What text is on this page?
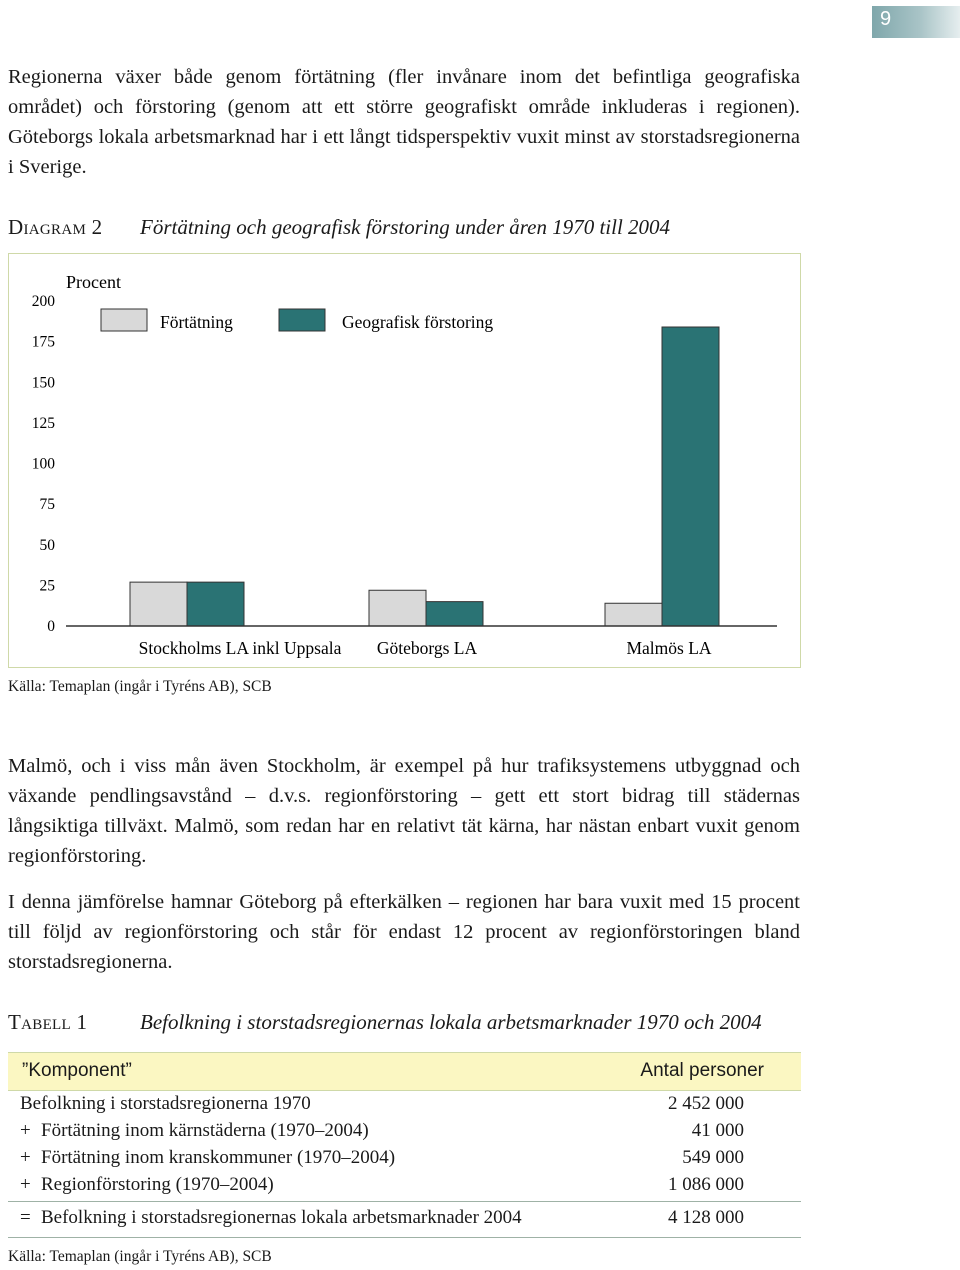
9

Regionerna växer både genom förtätning (fler invånare inom det befintliga geografiska området) och förstoring (genom att ett större geografiskt område inkluderas i regionen). Göteborgs lokala arbetsmarknad har i ett långt tidsperspektiv vuxit minst av storstadsregionerna i Sverige.

Diagram 2 Förtätning och geografisk förstoring under åren 1970 till 2004
Procent
200
175
150
125
100
75
50
25
0
Förtätning	Geografisk förstoring
Stockholms LA inkl Uppsala Göteborgs LA	Malmös LA
Källa: Temaplan (ingår i Tyréns AB), SCB

Malmö, och i viss mån även Stockholm, är exempel på hur trafiksystemens utbyggnad och växande pendlingsavstånd – d.v.s. regionförstoring – gett ett stort bidrag till städernas långsiktiga tillväxt. Malmö, som redan har en relativt tät kärna, har nästan enbart vuxit genom regionförstoring.

I denna jämförelse hamnar Göteborg på efterkälken – regionen har bara vuxit med 15 procent till följd av regionförstoring och står för endast 12 procent av regionförstoringen bland storstadsregionerna.

Tabell 1	Befolkning i storstadsregionernas lokala arbetsmarknader 1970 och 2004
”Komponent”	Antal personer
Befolkning i storstadsregionerna 1970	2 452 000
+ Förtätning inom kärnstäderna (1970–2004)	41 000
+ Förtätning inom kranskommuner (1970–2004)	549 000
+ Regionförstoring (1970–2004)	1 086 000
= Befolkning i storstadsregionernas lokala arbetsmarknader 2004	4 128 000
Källa: Temaplan (ingår i Tyréns AB), SCB
